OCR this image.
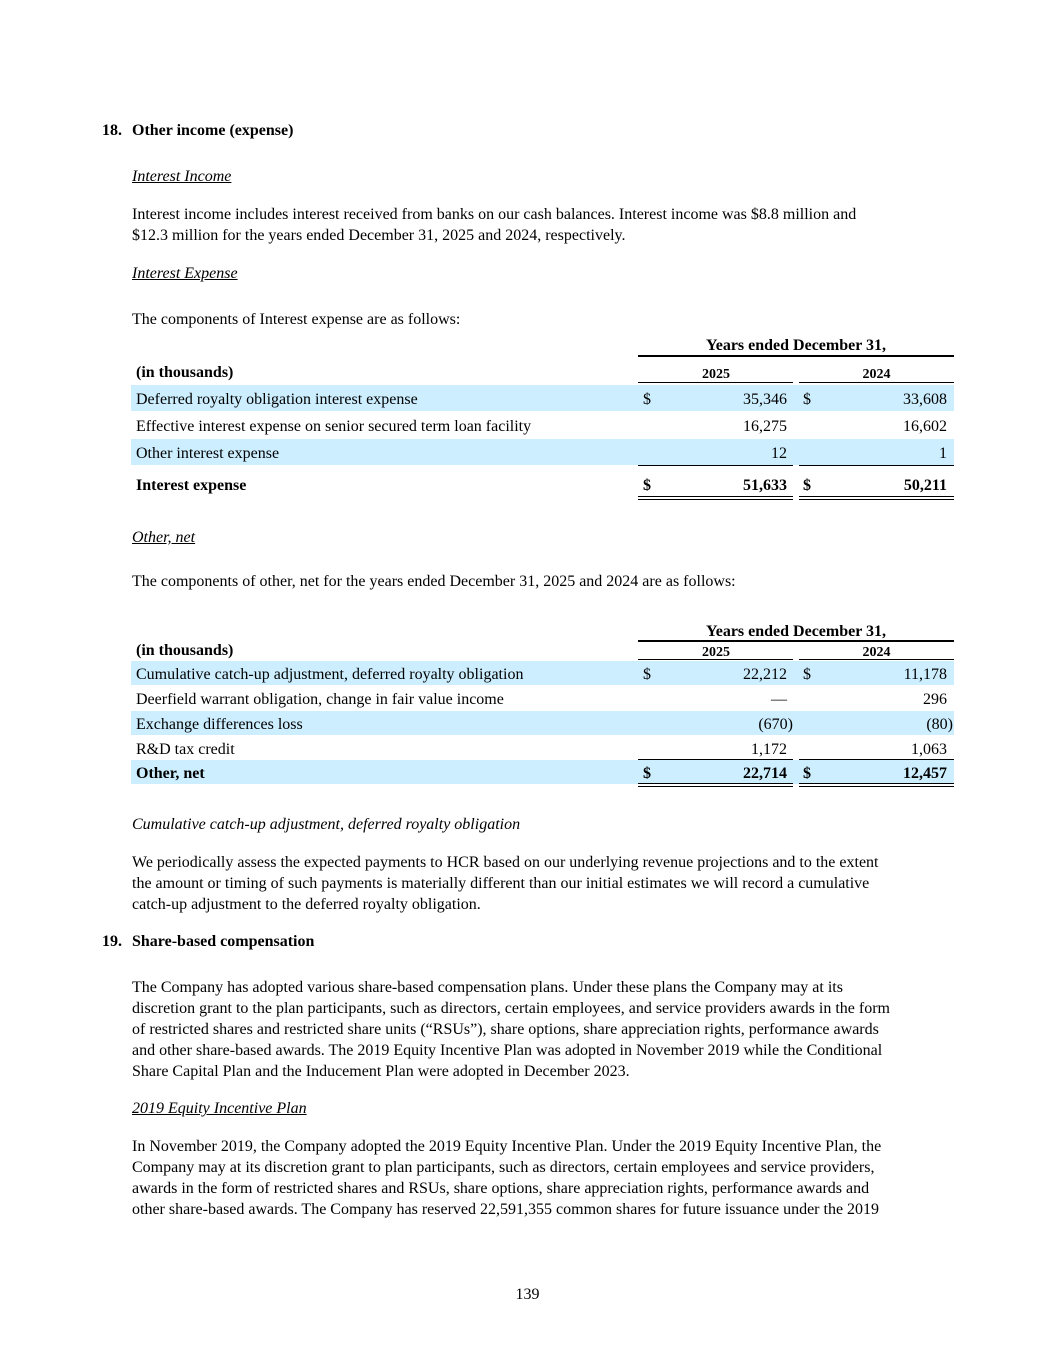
18. Other income (expense)
Interest Income
Interest income includes interest received from banks on our cash balances. Interest income was $8.8 million and
$12.3 million for the years ended December 31, 2025 and 2024, respectively.
Interest Expense
The components of Interest expense are as follows:
Years ended December 31,
(in thousands)	2025	2024
Deferred royalty obligation interest expense	$	35,346 $	33,608
Effective interest expense on senior secured term loan facility	16,275	16,602
Other interest expense	12	1
Interest expense	$	51,633 $	50,211
Other, net
The components of other, net for the years ended December 31, 2025 and 2024 are as follows:
Years ended December 31,
(in thousands)	2025	2024
Cumulative catch-up adjustment, deferred royalty obligation	$	22,212 $	11,178
Deerfield warrant obligation, change in fair value income	—	296
Exchange differences loss	(670)	(80)
R&D tax credit	1,172	1,063
Other, net	$	22,714 $	12,457
Cumulative catch-up adjustment, deferred royalty obligation
We periodically assess the expected payments to HCR based on our underlying revenue projections and to the extent
the amount or timing of such payments is materially different than our initial estimates we will record a cumulative
catch-up adjustment to the deferred royalty obligation.
19. Share-based compensation
The Company has adopted various share-based compensation plans. Under these plans the Company may at its
discretion grant to the plan participants, such as directors, certain employees, and service providers awards in the form
of restricted shares and restricted share units (“RSUs”), share options, share appreciation rights, performance awards
and other share-based awards. The 2019 Equity Incentive Plan was adopted in November 2019 while the Conditional
Share Capital Plan and the Inducement Plan were adopted in December 2023.
2019 Equity Incentive Plan
In November 2019, the Company adopted the 2019 Equity Incentive Plan. Under the 2019 Equity Incentive Plan, the
Company may at its discretion grant to plan participants, such as directors, certain employees and service providers,
awards in the form of restricted shares and RSUs, share options, share appreciation rights, performance awards and
other share-based awards. The Company has reserved 22,591,355 common shares for future issuance under the 2019
139
